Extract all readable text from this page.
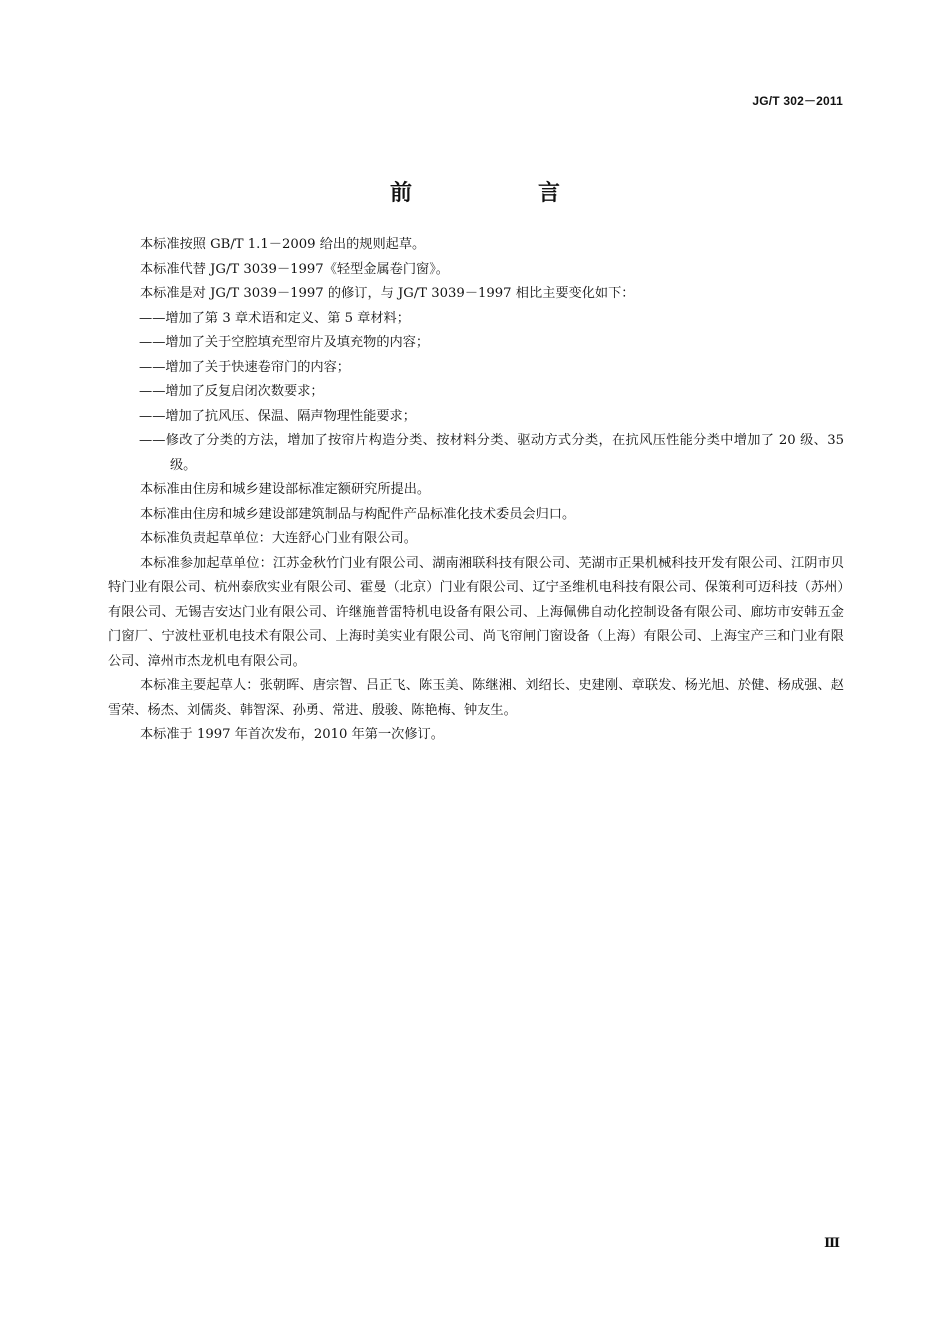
JG/T 302－2011
前　言

本标准按照 GB/T 1.1－2009 给出的规则起草。

本标准代替 JG/T 3039－1997《轻型金属卷门窗》。

本标准是对 JG/T 3039－1997 的修订，与 JG/T 3039－1997 相比主要变化如下：

——增加了第 3 章术语和定义、第 5 章材料；

——增加了关于空腔填充型帘片及填充物的内容；

——增加了关于快速卷帘门的内容；

——增加了反复启闭次数要求；

——增加了抗风压、保温、隔声物理性能要求；

——修改了分类的方法，增加了按帘片构造分类、按材料分类、驱动方式分类，在抗风压性能分类中增加了 20 级、35 级。

本标准由住房和城乡建设部标准定额研究所提出。

本标准由住房和城乡建设部建筑制品与构配件产品标准化技术委员会归口。

本标准负责起草单位：大连舒心门业有限公司。

本标准参加起草单位：江苏金秋竹门业有限公司、湖南湘联科技有限公司、芜湖市正果机械科技开发有限公司、江阴市贝特门业有限公司、杭州泰欣实业有限公司、霍曼（北京）门业有限公司、辽宁圣维机电科技有限公司、保策利可迈科技（苏州）有限公司、无锡吉安达门业有限公司、许继施普雷特机电设备有限公司、上海佩佛自动化控制设备有限公司、廊坊市安韩五金门窗厂、宁波杜亚机电技术有限公司、上海时美实业有限公司、尚飞帘闸门窗设备（上海）有限公司、上海宝产三和门业有限公司、漳州市杰龙机电有限公司。

本标准主要起草人：张朝晖、唐宗智、吕正飞、陈玉美、陈继湘、刘绍长、史建刚、章联发、杨光旭、於健、杨成强、赵雪荣、杨杰、刘儒炎、韩智深、孙勇、常进、殷骏、陈艳梅、钟友生。

本标准于 1997 年首次发布，2010 年第一次修订。

Ⅲ
